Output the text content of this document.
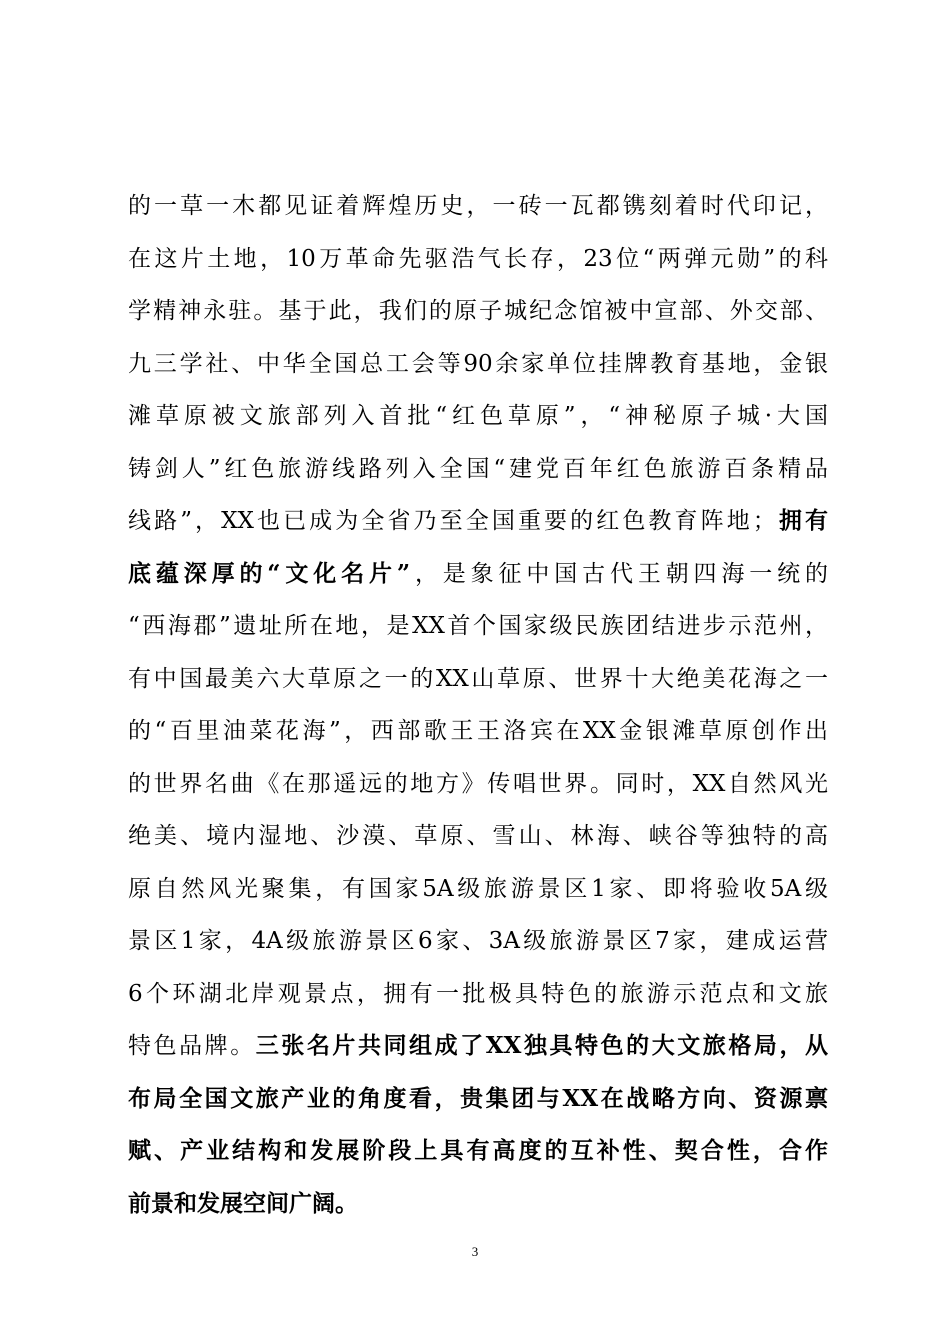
的一草一木都见证着辉煌历史，一砖一瓦都镌刻着时代印记，
在这片土地，10万革命先驱浩气长存，23位“两弹元勋”的科
学精神永驻。基于此，我们的原子城纪念馆被中宣部、外交部、
九三学社、中华全国总工会等90余家单位挂牌教育基地，金银
滩草原被文旅部列入首批“红色草原”，“神秘原子城·大国
铸剑人”红色旅游线路列入全国“建党百年红色旅游百条精品
线路”，XX也已成为全省乃至全国重要的红色教育阵地；拥有
底蕴深厚的“文化名片”，是象征中国古代王朝四海一统的
“西海郡”遗址所在地，是XX首个国家级民族团结进步示范州，
有中国最美六大草原之一的XX山草原、世界十大绝美花海之一
的“百里油菜花海”，西部歌王王洛宾在XX金银滩草原创作出
的世界名曲《在那遥远的地方》传唱世界。同时，XX自然风光
绝美、境内湿地、沙漠、草原、雪山、林海、峡谷等独特的高
原自然风光聚集，有国家5A级旅游景区1家、即将验收5A级
景区1家，4A级旅游景区6家、3A级旅游景区7家，建成运营
6个环湖北岸观景点，拥有一批极具特色的旅游示范点和文旅
特色品牌。三张名片共同组成了XX独具特色的大文旅格局，从
布局全国文旅产业的角度看，贵集团与XX在战略方向、资源禀
赋、产业结构和发展阶段上具有高度的互补性、契合性，合作
前景和发展空间广阔。
3
